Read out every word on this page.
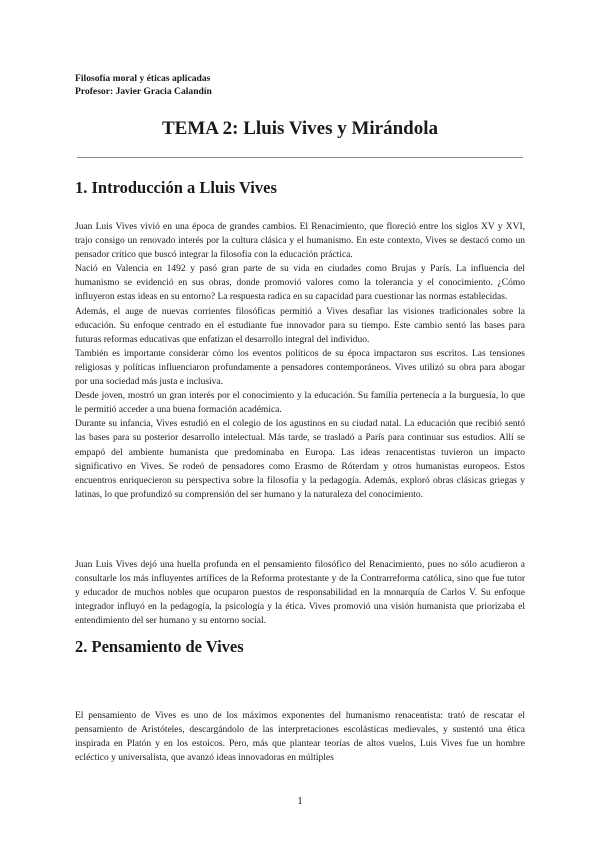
Filosofía moral y éticas aplicadas
Profesor: Javier Gracia Calandín
TEMA 2: Lluis Vives y Mirándola
1. Introducción a Lluis Vives

Juan Luis Vives vivió en una época de grandes cambios. El Renacimiento, que floreció entre los siglos XV y XVI, trajo consigo un renovado interés por la cultura clásica y el humanismo. En este contexto, Vives se destacó como un pensador crítico que buscó integrar la filosofía con la educación práctica.

Nació en Valencia en 1492 y pasó gran parte de su vida en ciudades como Brujas y París. La influencia del humanismo se evidenció en sus obras, donde promovió valores como la tolerancia y el conocimiento. ¿Cómo influyeron estas ideas en su entorno? La respuesta radica en su capacidad para cuestionar las normas establecidas.

Además, el auge de nuevas corrientes filosóficas permitió a Vives desafiar las visiones tradicionales sobre la educación. Su enfoque centrado en el estudiante fue innovador para su tiempo. Este cambio sentó las bases para futuras reformas educativas que enfatizan el desarrollo integral del individuo.

También es importante considerar cómo los eventos políticos de su época impactaron sus escritos. Las tensiones religiosas y políticas influenciaron profundamente a pensadores contemporáneos. Vives utilizó su obra para abogar por una sociedad más justa e inclusiva.

Desde joven, mostró un gran interés por el conocimiento y la educación. Su familia pertenecía a la burguesía, lo que le permitió acceder a una buena formación académica.

Durante su infancia, Vives estudió en el colegio de los agustinos en su ciudad natal. La educación que recibió sentó las bases para su posterior desarrollo intelectual. Más tarde, se trasladó a París para continuar sus estudios. Allí se empapó del ambiente humanista que predominaba en Europa. Las ideas renacentistas tuvieron un impacto significativo en Vives. Se rodeó de pensadores como Erasmo de Róterdam y otros humanistas europeos. Estos encuentros enriquecieron su perspectiva sobre la filosofía y la pedagogía. Además, exploró obras clásicas griegas y latinas, lo que profundizó su comprensión del ser humano y la naturaleza del conocimiento.

Juan Luis Vives dejó una huella profunda en el pensamiento filosófico del Renacimiento, pues no sólo acudieron a consultarle los más influyentes artífices de la Reforma protestante y de la Contrarreforma católica, sino que fue tutor y educador de muchos nobles que ocuparon puestos de responsabilidad en la monarquía de Carlos V. Su enfoque integrador influyó en la pedagogía, la psicología y la ética. Vives promovió una visión humanista que priorizaba el entendimiento del ser humano y su entorno social.

2. Pensamiento de Vives

El pensamiento de Vives es uno de los máximos exponentes del humanismo renacentista: trató de rescatar el pensamiento de Aristóteles, descargándolo de las interpretaciones escolásticas medievales, y sustentó una ética inspirada en Platón y en los estoicos. Pero, más que plantear teorías de altos vuelos, Luis Vives fue un hombre ecléctico y universalista, que avanzó ideas innovadoras en múltiples

1
